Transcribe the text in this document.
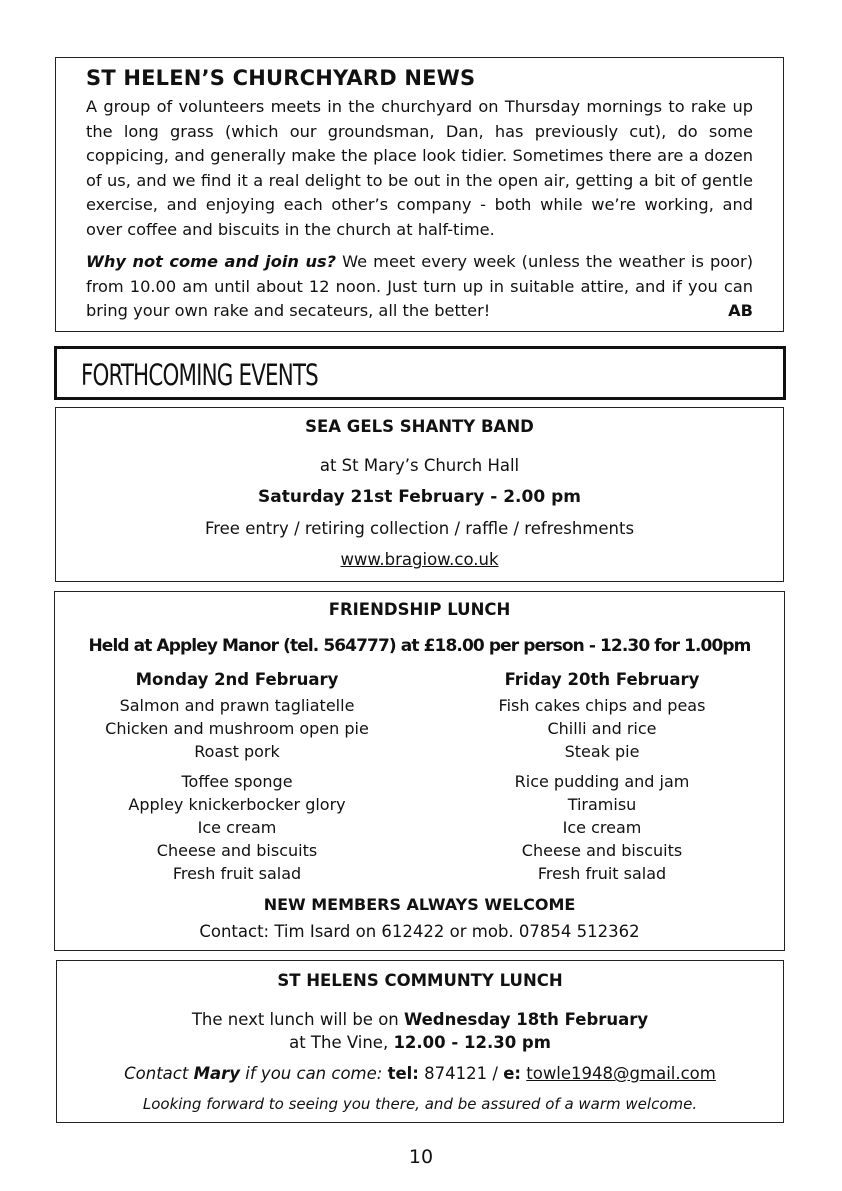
ST HELEN’S CHURCHYARD NEWS

A group of volunteers meets in the churchyard on Thursday mornings to rake up the long grass (which our groundsman, Dan, has previously cut), do some coppicing, and generally make the place look tidier. Sometimes there are a dozen of us, and we find it a real delight to be out in the open air, getting a bit of gentle exercise, and enjoying each other’s company - both while we’re working, and over coffee and biscuits in the church at half-time.

Why not come and join us? We meet every week (unless the weather is poor) from 10.00 am until about 12 noon. Just turn up in suitable attire, and if you can bring your own rake and secateurs, all the better!	AB

FORTHCOMING EVENTS
SEA GELS SHANTY BAND
at St Mary’s Church Hall
Saturday 21st February - 2.00 pm
Free entry / retiring collection / raffle / refreshments
www.bragiow.co.uk
FRIENDSHIP LUNCH
Held at Appley Manor (tel. 564777) at £18.00 per person - 12.30 for 1.00pm
Monday 2nd February
Salmon and prawn tagliatelle
Chicken and mushroom open pie
Roast pork
Toffee sponge
Appley knickerbocker glory
Ice cream
Cheese and biscuits
Fresh fruit salad
Friday 20th February
Fish cakes chips and peas
Chilli and rice
Steak pie
Rice pudding and jam
Tiramisu
Ice cream
Cheese and biscuits
Fresh fruit salad
NEW MEMBERS ALWAYS WELCOME
Contact: Tim Isard on 612422 or mob. 07854 512362
ST HELENS COMMUNTY LUNCH
The next lunch will be on Wednesday 18th February
at The Vine, 12.00 - 12.30 pm
Contact Mary if you can come: tel: 874121 / e: towle1948@gmail.com
Looking forward to seeing you there, and be assured of a warm welcome.
10
